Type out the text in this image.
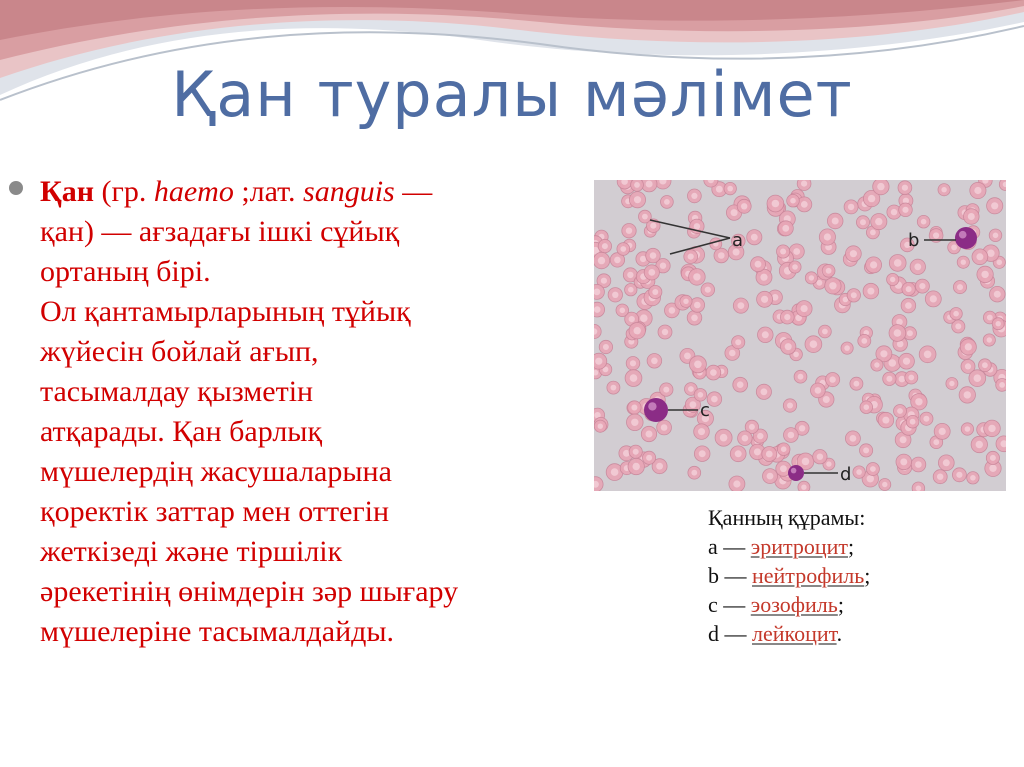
Қан туралы мәлімет
Қан (гр. haemo ;лат. sanguis —
қан) — ағзадағы ішкі сұйық
ортаның бірі.
Ол қантамырларының тұйық
жүйесін бойлай ағып,
тасымалдау қызметін
атқарады. Қан барлық
мүшелердің жасушаларына
қоректік заттар мен оттегін
жеткізеді және тіршілік
әрекетінің өнімдерін зәр шығару
мүшелеріне тасымалдайды.
a	b
c
d
Қанның құрамы:
a — эритроцит;
b — нейтрофиль;
c — эозофиль;
d — лейкоцит.
